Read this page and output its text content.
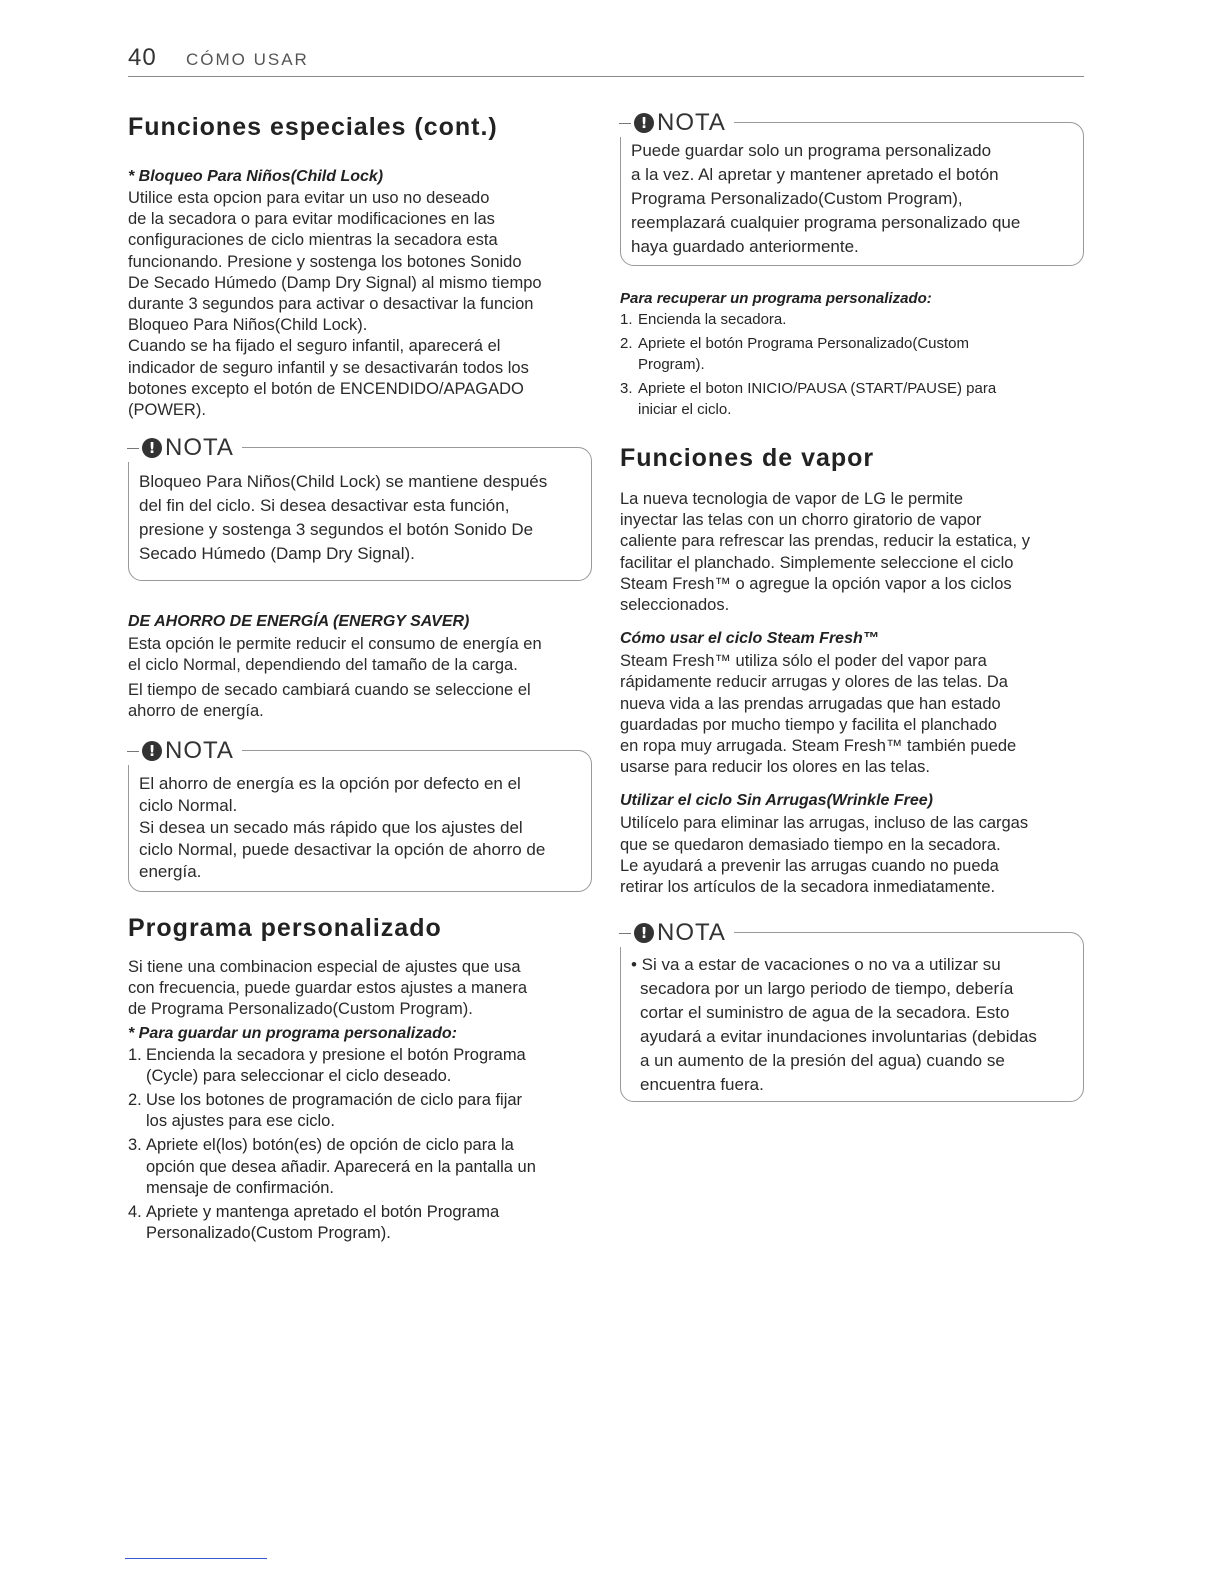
40 CÓMO USAR
Funciones especiales (cont.)

* Bloqueo Para Niños(Child Lock)

Utilice esta opcion para evitar un uso no deseado

de la secadora o para evitar modificaciones en las

configuraciones de ciclo mientras la secadora esta

funcionando. Presione y sostenga los botones Sonido

De Secado Húmedo (Damp Dry Signal) al mismo tiempo

durante 3 segundos para activar o desactivar la funcion

Bloqueo Para Niños(Child Lock).

Cuando se ha fijado el seguro infantil, aparecerá el

indicador de seguro infantil y se desactivarán todos los

botones excepto el botón de ENCENDIDO/APAGADO

(POWER).

! NOTA

Bloqueo Para Niños(Child Lock) se mantiene después

del fin del ciclo. Si desea desactivar esta función,

presione y sostenga 3 segundos el botón Sonido De

Secado Húmedo (Damp Dry Signal).

DE AHORRO DE ENERGÍA (ENERGY SAVER)

Esta opción le permite reducir el consumo de energía en

el ciclo Normal, dependiendo del tamaño de la carga.

El tiempo de secado cambiará cuando se seleccione el

ahorro de energía.

! NOTA

El ahorro de energía es la opción por defecto en el

ciclo Normal.

Si desea un secado más rápido que los ajustes del

ciclo Normal, puede desactivar la opción de ahorro de

energía.

Programa personalizado

Si tiene una combinacion especial de ajustes que usa

con frecuencia, puede guardar estos ajustes a manera

de Programa Personalizado(Custom Program).

* Para guardar un programa personalizado:

1. Encienda la secadora y presione el botón Programa
(Cycle) para seleccionar el ciclo deseado.
2. Use los botones de programación de ciclo para fijar
los ajustes para ese ciclo.
3. Apriete el(los) botón(es) de opción de ciclo para la
opción que desea añadir. Aparecerá en la pantalla un
mensaje de confirmación.
4. Apriete y mantenga apretado el botón Programa
Personalizado(Custom Program).
! NOTA

Puede guardar solo un programa personalizado

a la vez. Al apretar y mantener apretado el botón

Programa Personalizado(Custom Program),

reemplazará cualquier programa personalizado que

haya guardado anteriormente.

Para recuperar un programa personalizado:

1. Encienda la secadora.
2. Apriete el botón Programa Personalizado(Custom
Program).
3. Apriete el boton INICIO/PAUSA (START/PAUSE) para
iniciar el ciclo.
Funciones de vapor

La nueva tecnologia de vapor de LG le permite

inyectar las telas con un chorro giratorio de vapor

caliente para refrescar las prendas, reducir la estatica, y

facilitar el planchado. Simplemente seleccione el ciclo

Steam Fresh™ o agregue la opción vapor a los ciclos

seleccionados.

Cómo usar el ciclo Steam Fresh™

Steam Fresh™ utiliza sólo el poder del vapor para

rápidamente reducir arrugas y olores de las telas. Da

nueva vida a las prendas arrugadas que han estado

guardadas por mucho tiempo y facilita el planchado

en ropa muy arrugada. Steam Fresh™ también puede

usarse para reducir los olores en las telas.

Utilizar el ciclo Sin Arrugas(Wrinkle Free)

Utilícelo para eliminar las arrugas, incluso de las cargas

que se quedaron demasiado tiempo en la secadora.

Le ayudará a prevenir las arrugas cuando no pueda

retirar los artículos de la secadora inmediatamente.

! NOTA

• Si va a estar de vacaciones o no va a utilizar su

secadora por un largo periodo de tiempo, debería

cortar el suministro de agua de la secadora. Esto

ayudará a evitar inundaciones involuntarias (debidas

a un aumento de la presión del agua) cuando se

encuentra fuera.
